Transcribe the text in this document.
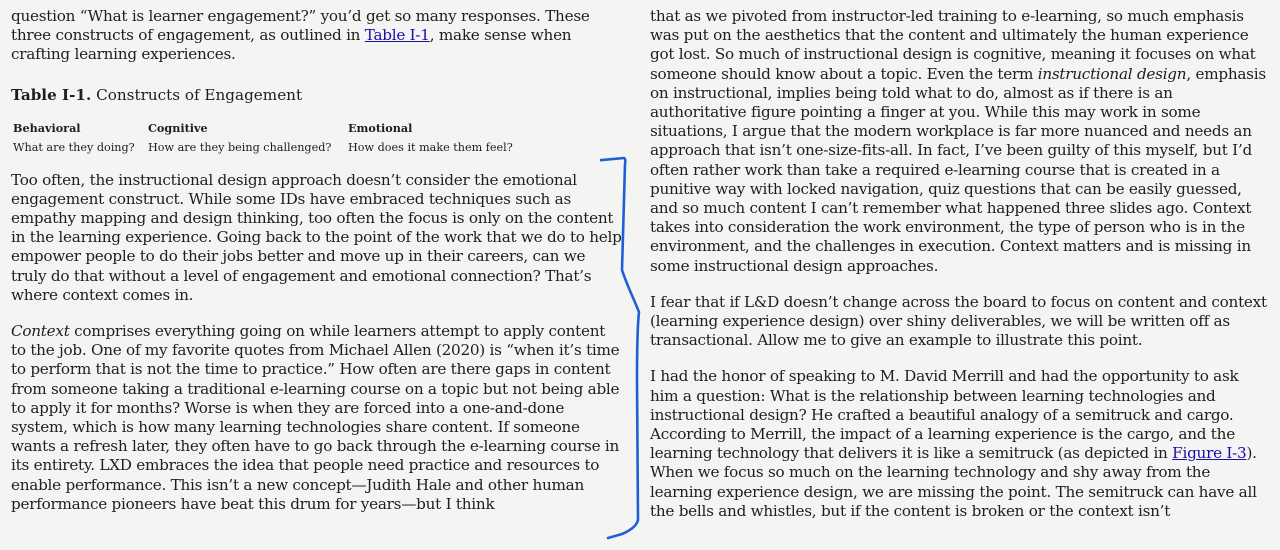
question “What is learner engagement?” you’d get so many responses. These three constructs of engagement, as outlined in Table I-1, make sense when crafting learning experiences.

Table I-1. Constructs of Engagement
Behavioral	Cognitive	Emotional
What are they doing?	How are they being challenged?	How does it make them feel?

Too often, the instructional design approach doesn’t consider the emotional engagement construct. While some IDs have embraced techniques such as empathy mapping and design thinking, too often the focus is only on the content in the learning experience. Going back to the point of the work that we do to help empower people to do their jobs better and move up in their careers, can we truly do that without a level of engagement and emotional connection? That’s where context comes in.

Context comprises everything going on while learners attempt to apply content to the job. One of my favorite quotes from Michael Allen (2020) is “when it’s time to perform that is not the time to practice.” How often are there gaps in content from someone taking a traditional e-learning course on a topic but not being able to apply it for months? Worse is when they are forced into a one-and-done system, which is how many learning technologies share content. If someone wants a refresh later, they often have to go back through the e-learning course in its entirety. LXD embraces the idea that people need practice and resources to enable performance. This isn’t a new concept—Judith Hale and other human performance pioneers have beat this drum for years—but I think

that as we pivoted from instructor-led training to e-learning, so much emphasis was put on the aesthetics that the content and ultimately the human experience got lost. So much of instructional design is cognitive, meaning it focuses on what someone should know about a topic. Even the term instructional design, emphasis on instructional, implies being told what to do, almost as if there is an authoritative figure pointing a finger at you. While this may work in some situations, I argue that the modern workplace is far more nuanced and needs an approach that isn’t one-size-fits-all. In fact, I’ve been guilty of this myself, but I’d often rather work than take a required e-learning course that is created in a punitive way with locked navigation, quiz questions that can be easily guessed, and so much content I can’t remember what happened three slides ago. Context takes into consideration the work environment, the type of person who is in the environment, and the challenges in execution. Context matters and is missing in some instructional design approaches.

I fear that if L&D doesn’t change across the board to focus on content and context (learning experience design) over shiny deliverables, we will be written off as transactional. Allow me to give an example to illustrate this point.

I had the honor of speaking to M. David Merrill and had the opportunity to ask him a question: What is the relationship between learning technologies and instructional design? He crafted a beautiful analogy of a semitruck and cargo. According to Merrill, the impact of a learning experience is the cargo, and the learning technology that delivers it is like a semitruck (as depicted in Figure I-3). When we focus so much on the learning technology and shy away from the learning experience design, we are missing the point. The semitruck can have all the bells and whistles, but if the content is broken or the context isn’t
